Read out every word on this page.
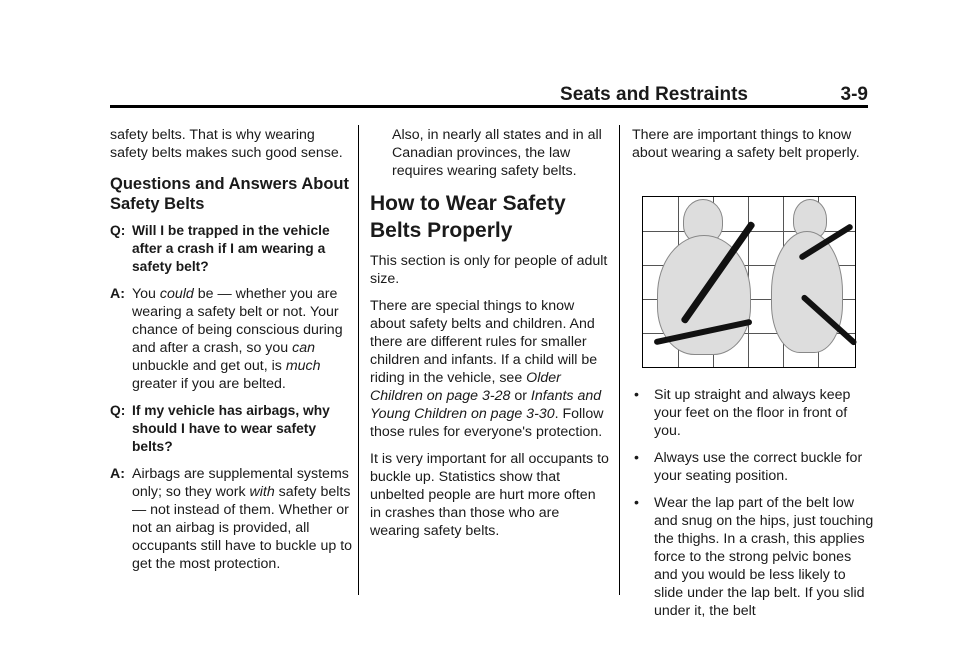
Seats and Restraints	3-9

safety belts. That is why wearing safety belts makes such good sense.

Questions and Answers About Safety Belts
Q: Will I be trapped in the vehicle after a crash if I am wearing a safety belt?
A: You could be — whether you are wearing a safety belt or not. Your chance of being conscious during and after a crash, so you can unbuckle and get out, is much greater if you are belted.
Q: If my vehicle has airbags, why should I have to wear safety belts?
A: Airbags are supplemental systems only; so they work with safety belts — not instead of them. Whether or not an airbag is provided, all occupants still have to buckle up to get the most protection.

Also, in nearly all states and in all Canadian provinces, the law requires wearing safety belts.

How to Wear Safety Belts Properly

This section is only for people of adult size.

There are special things to know about safety belts and children. And there are different rules for smaller children and infants. If a child will be riding in the vehicle, see Older Children on page 3-28 or Infants and Young Children on page 3-30. Follow those rules for everyone's protection.

It is very important for all occupants to buckle up. Statistics show that unbelted people are hurt more often in crashes than those who are wearing safety belts.

There are important things to know about wearing a safety belt properly.

• Sit up straight and always keep your feet on the floor in front of you.
• Always use the correct buckle for your seating position.
• Wear the lap part of the belt low and snug on the hips, just touching the thighs. In a crash, this applies force to the strong pelvic bones and you would be less likely to slide under the lap belt. If you slid under it, the belt
